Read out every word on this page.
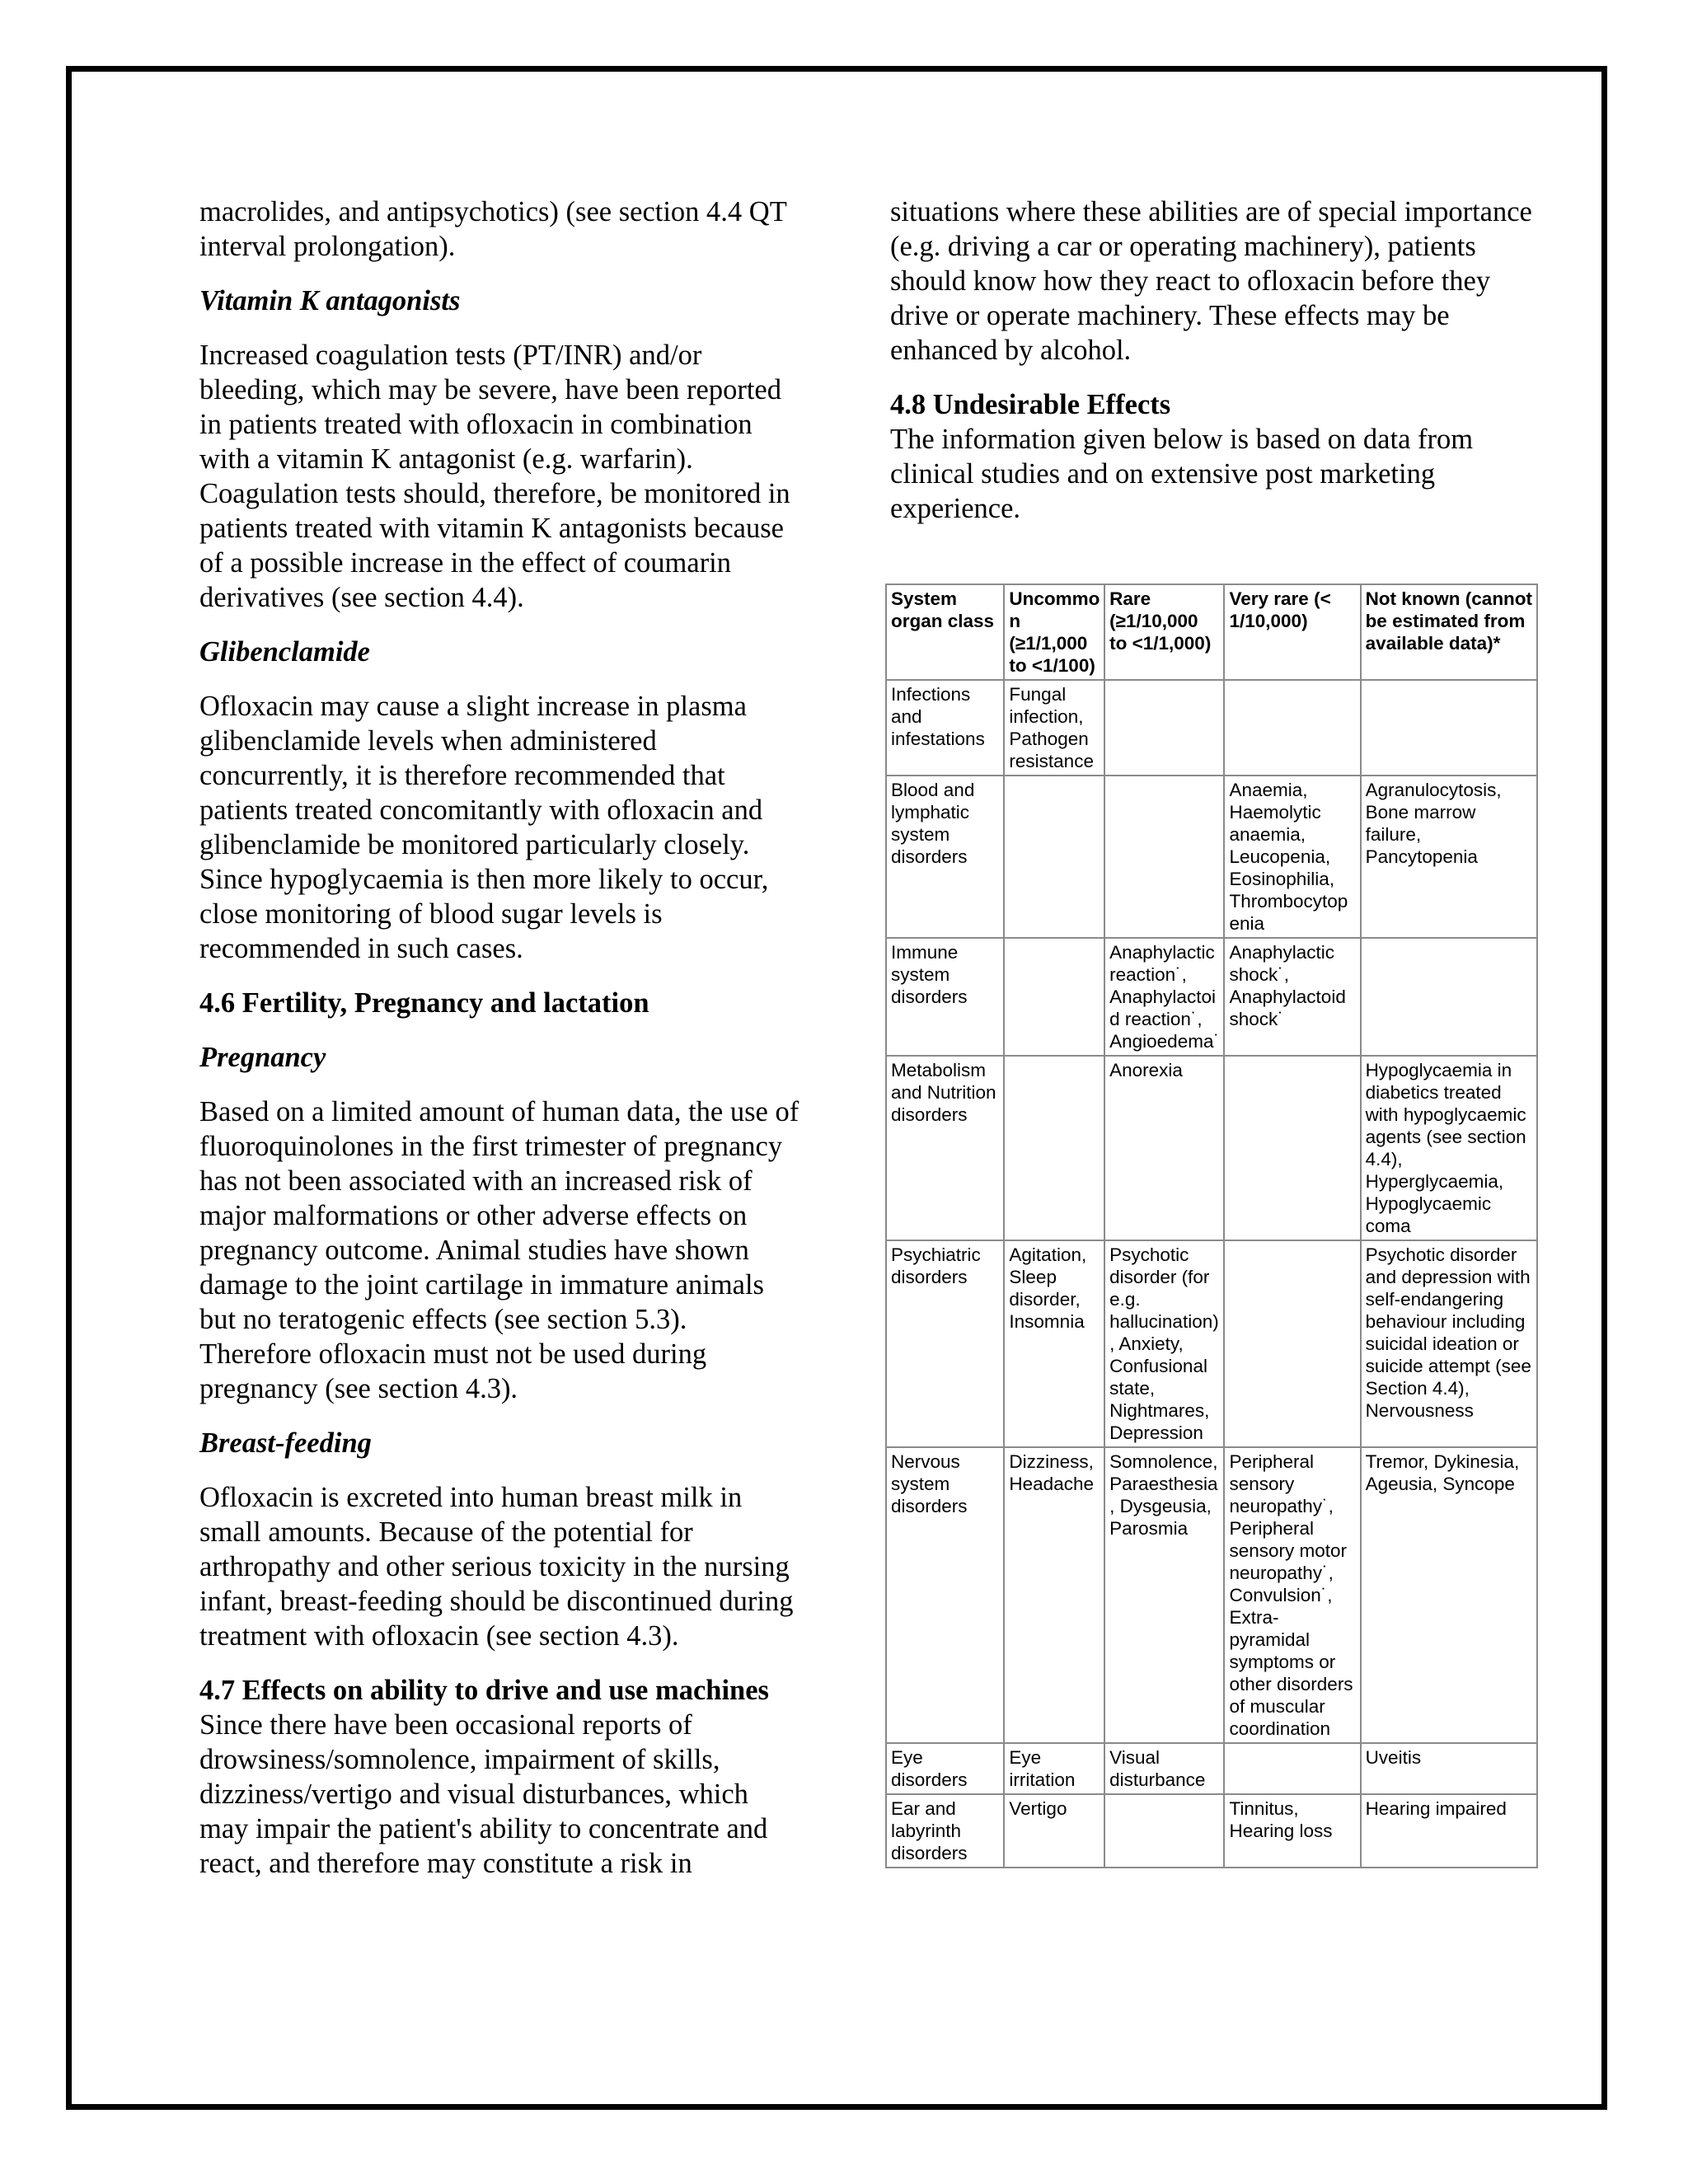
macrolides, and antipsychotics) (see section 4.4 QT interval prolongation).

Vitamin K antagonists

Increased coagulation tests (PT/INR) and/or bleeding, which may be severe, have been reported in patients treated with ofloxacin in combination with a vitamin K antagonist (e.g. warfarin). Coagulation tests should, therefore, be monitored in patients treated with vitamin K antagonists because of a possible increase in the effect of coumarin derivatives (see section 4.4).

Glibenclamide

Ofloxacin may cause a slight increase in plasma glibenclamide levels when administered concurrently, it is therefore recommended that patients treated concomitantly with ofloxacin and glibenclamide be monitored particularly closely. Since hypoglycaemia is then more likely to occur, close monitoring of blood sugar levels is recommended in such cases.

4.6 Fertility, Pregnancy and lactation

Pregnancy

Based on a limited amount of human data, the use of fluoroquinolones in the first trimester of pregnancy has not been associated with an increased risk of major malformations or other adverse effects on pregnancy outcome. Animal studies have shown damage to the joint cartilage in immature animals but no teratogenic effects (see section 5.3). Therefore ofloxacin must not be used during pregnancy (see section 4.3).

Breast-feeding

Ofloxacin is excreted into human breast milk in small amounts. Because of the potential for arthropathy and other serious toxicity in the nursing infant, breast-feeding should be discontinued during treatment with ofloxacin (see section 4.3).

4.7 Effects on ability to drive and use machines

Since there have been occasional reports of drowsiness/somnolence, impairment of skills, dizziness/vertigo and visual disturbances, which may impair the patient's ability to concentrate and react, and therefore may constitute a risk in

situations where these abilities are of special importance (e.g. driving a car or operating machinery), patients should know how they react to ofloxacin before they drive or operate machinery. These effects may be enhanced by alcohol.

4.8 Undesirable Effects

The information given below is based on data from clinical studies and on extensive post marketing experience.

System organ class	Uncommon (≥1/1,000 to <1/100)	Rare (≥1/10,000 to <1/1,000)	Very rare (< 1/10,000)	Not known (cannot be estimated from available data)*
Infections and infestations	Fungal infection, Pathogen resistance			
Blood and lymphatic system disorders			Anaemia, Haemolytic anaemia, Leucopenia, Eosinophilia, Thrombocytopenia	Agranulocytosis, Bone marrow failure, Pancytopenia
Immune system disorders		Anaphylactic reaction˙, Anaphylactoid reaction˙, Angioedema˙	Anaphylactic shock˙, Anaphylactoid shock˙	
Metabolism and Nutrition disorders		Anorexia		Hypoglycaemia in diabetics treated with hypoglycaemic agents (see section 4.4), Hyperglycaemia, Hypoglycaemic coma
Psychiatric disorders	Agitation, Sleep disorder, Insomnia	Psychotic disorder (for e.g. hallucination), Anxiety, Confusional state, Nightmares, Depression		Psychotic disorder and depression with self-endangering behaviour including suicidal ideation or suicide attempt (see Section 4.4), Nervousness
Nervous system disorders	Dizziness, Headache	Somnolence, Paraesthesia, Dysgeusia, Parosmia	Peripheral sensory neuropathy˙, Peripheral sensory motor neuropathy˙, Convulsion˙, Extra-pyramidal symptoms or other disorders of muscular coordination	Tremor, Dykinesia, Ageusia, Syncope
Eye disorders	Eye irritation	Visual disturbance		Uveitis
Ear and labyrinth disorders	Vertigo		Tinnitus, Hearing loss	Hearing impaired
